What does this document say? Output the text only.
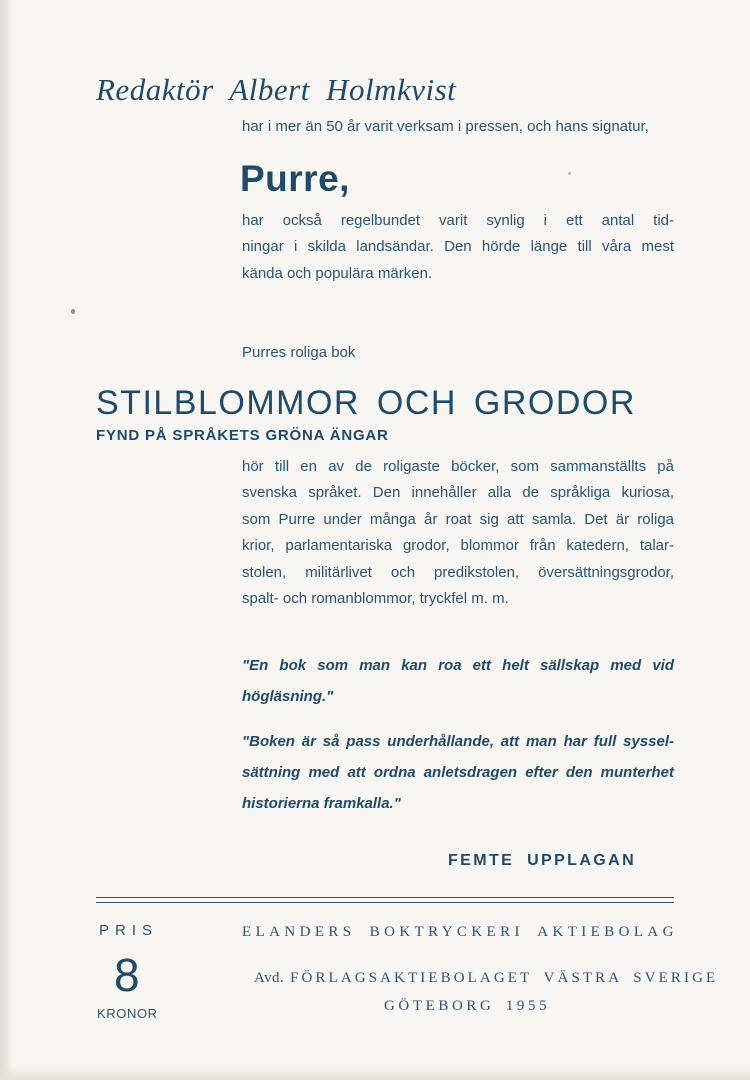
Redaktör Albert Holmkvist
har i mer än 50 år varit verksam i pressen, och hans signatur,
Purre,
har också regelbundet varit synlig i ett antal tid-
ningar i skilda landsändar. Den hörde länge till våra mest
kända och populära märken.
Purres roliga bok
STILBLOMMOR OCH GRODOR
FYND PÅ SPRÅKETS GRÖNA ÄNGAR
hör till en av de roligaste böcker, som sammanställts på
svenska språket. Den innehåller alla de språkliga kuriosa,
som Purre under många år roat sig att samla. Det är roliga
krior, parlamentariska grodor, blommor från katedern, talar-
stolen, militärlivet och predikstolen, översättningsgrodor,
spalt- och romanblommor, tryckfel m. m.
"En bok som man kan roa ett helt sällskap med vid
högläsning."
"Boken är så pass underhållande, att man har full syssel-
sättning med att ordna anletsdragen efter den munterhet
historierna framkalla."
FEMTE UPPLAGAN
PRIS
8
KRONOR
ELANDERS BOKTRYCKERI AKTIEBOLAG
Avd. FÖRLAGSAKTIEBOLAGET VÄSTRA SVERIGE
GÖTEBORG 1955
